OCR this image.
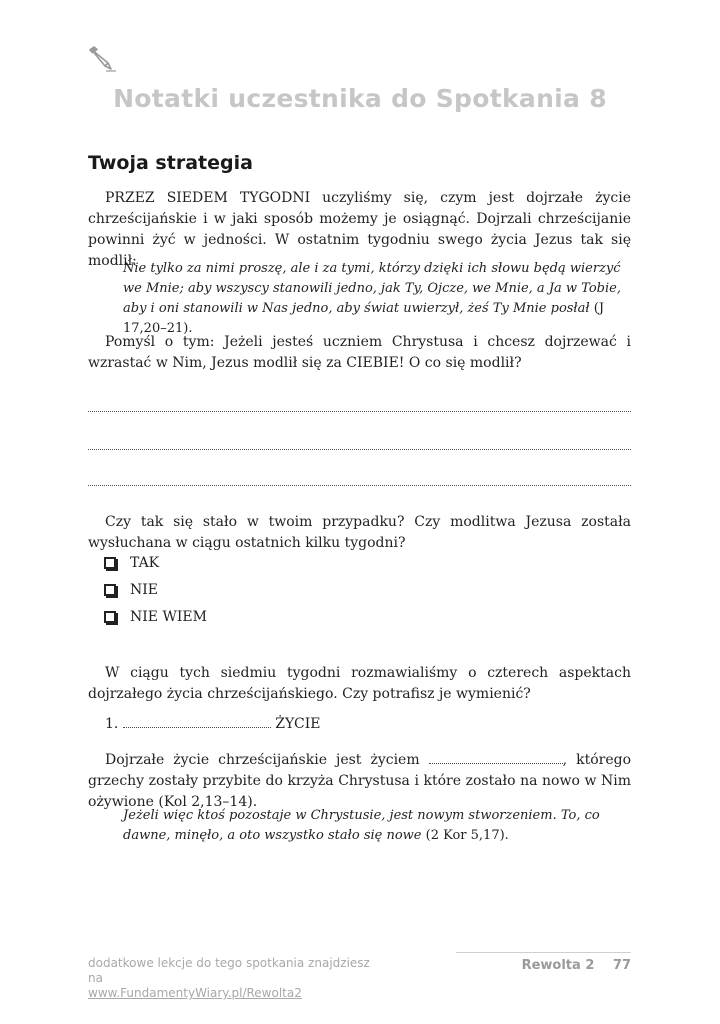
Notatki uczestnika do Spotkania 8
Twoja strategia

PRZEZ SIEDEM TYGODNI uczyliśmy się, czym jest dojrzałe życie chrześcijańskie i w jaki sposób możemy je osiągnąć. Dojrzali chrześcijanie powinni żyć w jedności. W ostatnim tygodniu swego życia Jezus tak się modlił:

Nie tylko za nimi proszę, ale i za tymi, którzy dzięki ich słowu będą wierzyć we Mnie; aby wszyscy stanowili jedno, jak Ty, Ojcze, we Mnie, a Ja w Tobie, aby i oni stanowili w Nas jedno, aby świat uwierzył, żeś Ty Mnie posłał (J 17,20–21).

Pomyśl o tym: Jeżeli jesteś uczniem Chrystusa i chcesz dojrzewać i wzrastać w Nim, Jezus modlił się za CIEBIE! O co się modlił?

Czy tak się stało w twoim przypadku? Czy modlitwa Jezusa została wysłuchana w ciągu ostatnich kilku tygodni?

TAK
NIE
NIE WIEM

W ciągu tych siedmiu tygodni rozmawialiśmy o czterech aspektach dojrzałego życia chrześcijańskiego. Czy potrafisz je wymienić?

1.	ŻYCIE

Dojrzałe życie chrześcijańskie jest życiem	, którego grzechy zostały przybite do krzyża Chrystusa i które zostało na nowo w Nim ożywione (Kol 2,13–14).

Jeżeli więc ktoś pozostaje w Chrystusie, jest nowym stworzeniem. To, co dawne, minęło, a oto wszystko stało się nowe (2 Kor 5,17).

dodatkowe lekcje do tego spotkania znajdziesz na
www.FundamentyWiary.pl/Rewolta2
Rewolta 2 77
